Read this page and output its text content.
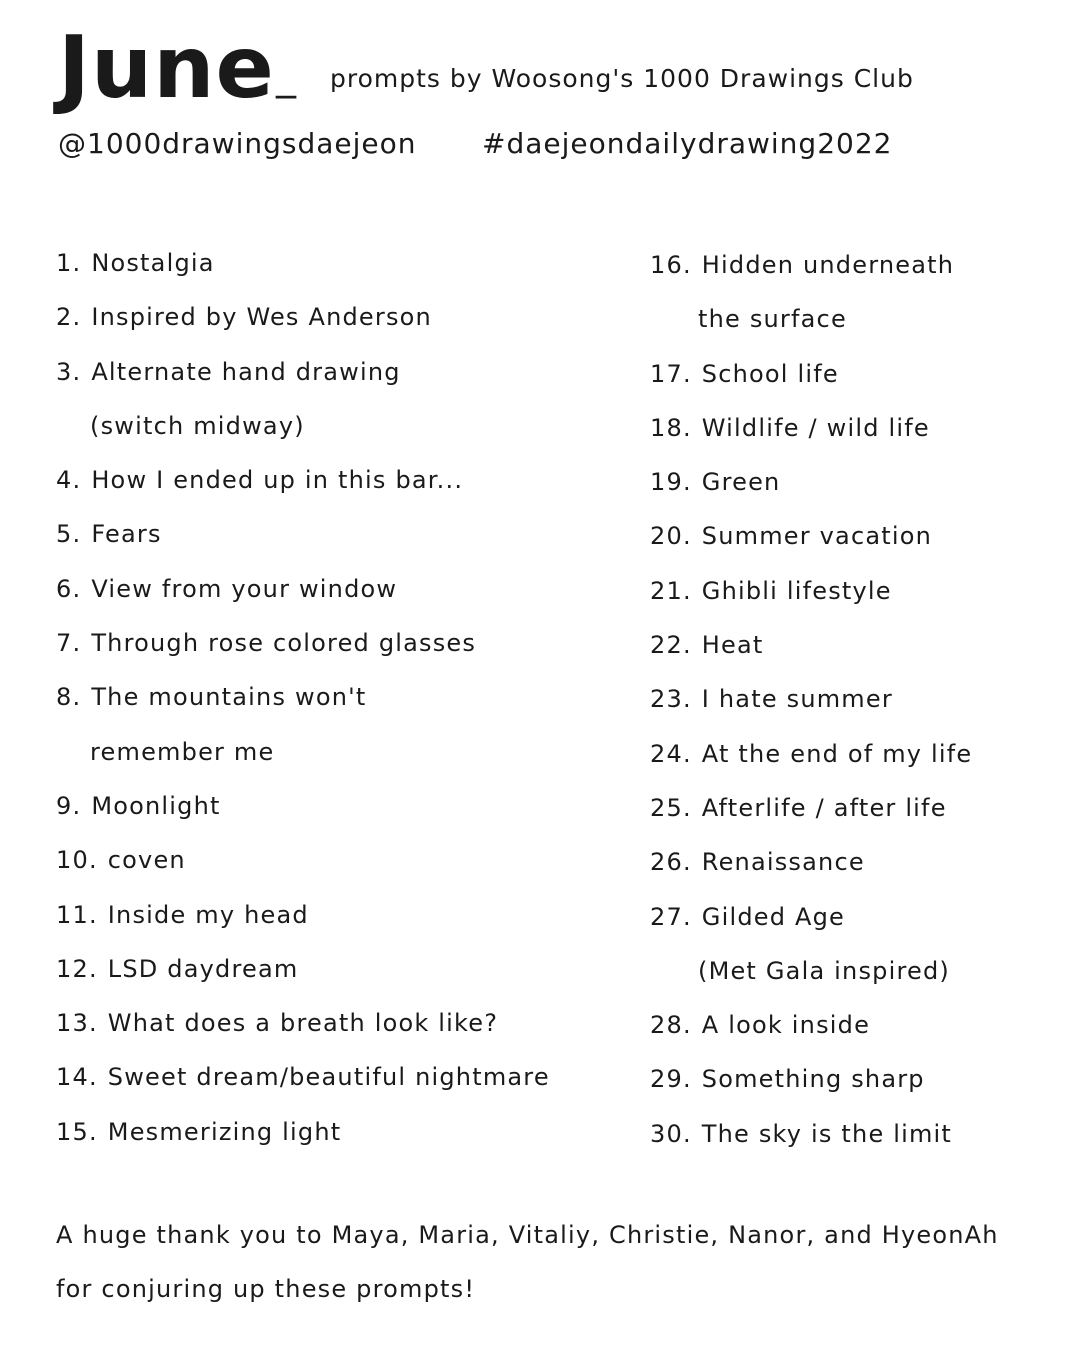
June _ prompts by Woosong's 1000 Drawings Club
@1000drawingsdaejeon #daejeondailydrawing2022
1. Nostalgia
2. Inspired by Wes Anderson
3. Alternate hand drawing
(switch midway)
4. How I ended up in this bar...
5. Fears
6. View from your window
7. Through rose colored glasses
8. The mountains won't
remember me
9. Moonlight
10. coven
11. Inside my head
12. LSD daydream
13. What does a breath look like?
14. Sweet dream/beautiful nightmare
15. Mesmerizing light
16. Hidden underneath
the surface
17. School life
18. Wildlife / wild life
19. Green
20. Summer vacation
21. Ghibli lifestyle
22. Heat
23. I hate summer
24. At the end of my life
25. Afterlife / after life
26. Renaissance
27. Gilded Age
(Met Gala inspired)
28. A look inside
29. Something sharp
30. The sky is the limit
A huge thank you to Maya, Maria, Vitaliy, Christie, Nanor, and HyeonAh
for conjuring up these prompts!
